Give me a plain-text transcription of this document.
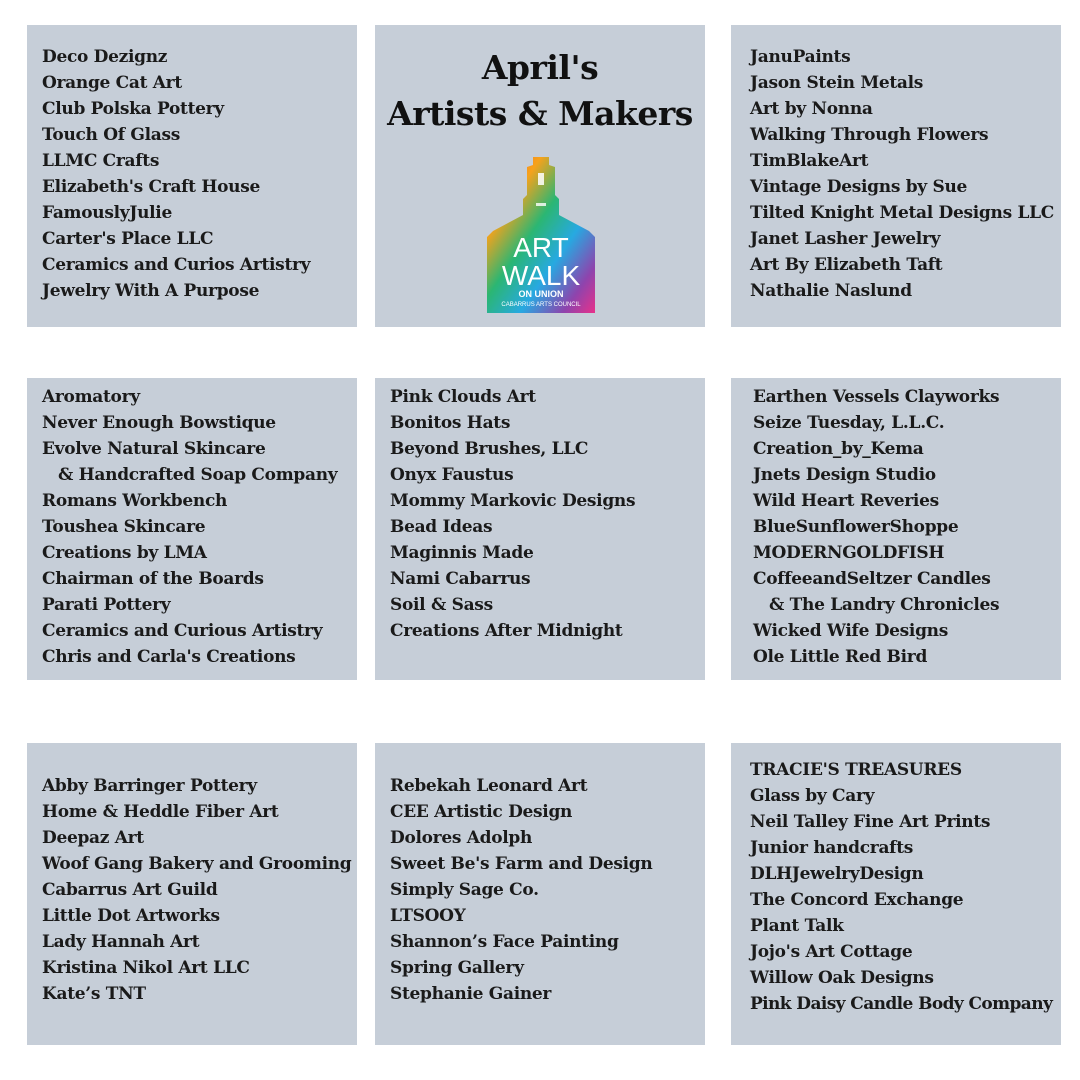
Deco Dezignz
Orange Cat Art
Club Polska Pottery
Touch Of Glass
LLMC Crafts
Elizabeth's Craft House
FamouslyJulie
Carter's Place LLC
Ceramics and Curios Artistry
Jewelry With A Purpose
April's
Artists & Makers
ART
WALK
ON UNION
CABARRUS ARTS COUNCIL
JanuPaints
Jason Stein Metals
Art by Nonna
Walking Through Flowers
TimBlakeArt
Vintage Designs by Sue
Tilted Knight Metal Designs LLC
Janet Lasher Jewelry
Art By Elizabeth Taft
Nathalie Naslund
Aromatory
Never Enough Bowstique
Evolve Natural Skincare
& Handcrafted Soap Company
Romans Workbench
Toushea Skincare
Creations by LMA
Chairman of the Boards
Parati Pottery
Ceramics and Curious Artistry
Chris and Carla's Creations
Pink Clouds Art
Bonitos Hats
Beyond Brushes, LLC
Onyx Faustus
Mommy Markovic Designs
Bead Ideas
Maginnis Made
Nami Cabarrus
Soil & Sass
Creations After Midnight
Earthen Vessels Clayworks
Seize Tuesday, L.L.C.
Creation_by_Kema
Jnets Design Studio
Wild Heart Reveries
BlueSunflowerShoppe
MODERNGOLDFISH
CoffeeandSeltzer Candles
& The Landry Chronicles
Wicked Wife Designs
Ole Little Red Bird
Abby Barringer Pottery
Home & Heddle Fiber Art
Deepaz Art
Woof Gang Bakery and Grooming
Cabarrus Art Guild
Little Dot Artworks
Lady Hannah Art
Kristina Nikol Art LLC
Kate’s TNT
Rebekah Leonard Art
CEE Artistic Design
Dolores Adolph
Sweet Be's Farm and Design
Simply Sage Co.
LTSOOY
Shannon’s Face Painting
Spring Gallery
Stephanie Gainer
TRACIE'S TREASURES
Glass by Cary
Neil Talley Fine Art Prints
Junior handcrafts
DLHJewelryDesign
The Concord Exchange
Plant Talk
Jojo's Art Cottage
Willow Oak Designs
Pink Daisy Candle Body Company
